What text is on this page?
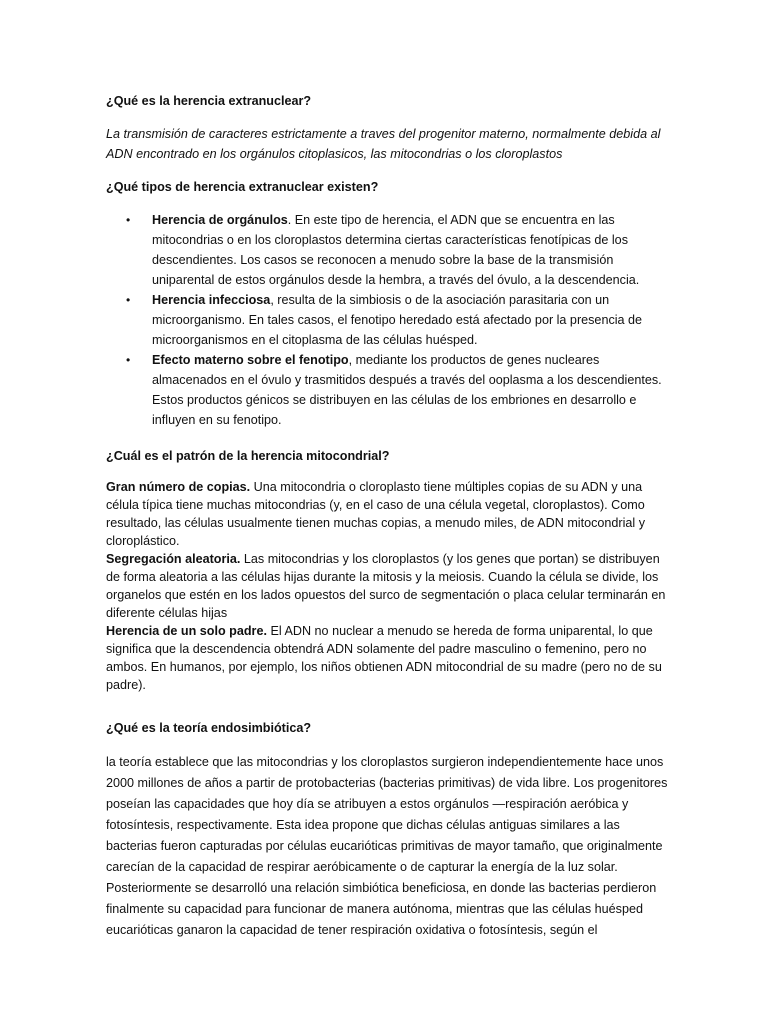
¿Qué es la herencia extranuclear?

La transmisión de caracteres estrictamente a traves del progenitor materno, normalmente debida al ADN encontrado en los orgánulos citoplasicos, las mitocondrias o los cloroplastos

¿Qué tipos de herencia extranuclear existen?

• Herencia de orgánulos. En este tipo de herencia, el ADN que se encuentra en las mitocondrias o en los cloroplastos determina ciertas características fenotípicas de los descendientes. Los casos se reconocen a menudo sobre la base de la transmisión uniparental de estos orgánulos desde la hembra, a través del óvulo, a la descendencia.
• Herencia infecciosa, resulta de la simbiosis o de la asociación parasitaria con un microorganismo. En tales casos, el fenotipo heredado está afectado por la presencia de microorganismos en el citoplasma de las células huésped.
• Efecto materno sobre el fenotipo, mediante los productos de genes nucleares almacenados en el óvulo y trasmitidos después a través del ooplasma a los descendientes. Estos productos génicos se distribuyen en las células de los embriones en desarrollo e influyen en su fenotipo.

¿Cuál es el patrón de la herencia mitocondrial?

Gran número de copias. Una mitocondria o cloroplasto tiene múltiples copias de su ADN y una célula típica tiene muchas mitocondrias (y, en el caso de una célula vegetal, cloroplastos). Como resultado, las células usualmente tienen muchas copias, a menudo miles, de ADN mitocondrial y cloroplástico.
Segregación aleatoria. Las mitocondrias y los cloroplastos (y los genes que portan) se distribuyen de forma aleatoria a las células hijas durante la mitosis y la meiosis. Cuando la célula se divide, los organelos que estén en los lados opuestos del surco de segmentación o placa celular terminarán en diferente células hijas
Herencia de un solo padre. El ADN no nuclear a menudo se hereda de forma uniparental, lo que significa que la descendencia obtendrá ADN solamente del padre masculino o femenino, pero no ambos. En humanos, por ejemplo, los niños obtienen ADN mitocondrial de su madre (pero no de su padre).

¿Qué es la teoría endosimbiótica?

la teoría establece que las mitocondrias y los cloroplastos surgieron independientemente hace unos 2000 millones de años a partir de protobacterias (bacterias primitivas) de vida libre. Los progenitores poseían las capacidades que hoy día se atribuyen a estos orgánulos —respiración aeróbica y fotosíntesis, respectivamente. Esta idea propone que dichas células antiguas similares a las bacterias fueron capturadas por células eucarióticas primitivas de mayor tamaño, que originalmente carecían de la capacidad de respirar aeróbicamente o de capturar la energía de la luz solar. Posteriormente se desarrolló una relación simbiótica beneficiosa, en donde las bacterias perdieron finalmente su capacidad para funcionar de manera autónoma, mientras que las células huésped eucarióticas ganaron la capacidad de tener respiración oxidativa o fotosíntesis, según el
